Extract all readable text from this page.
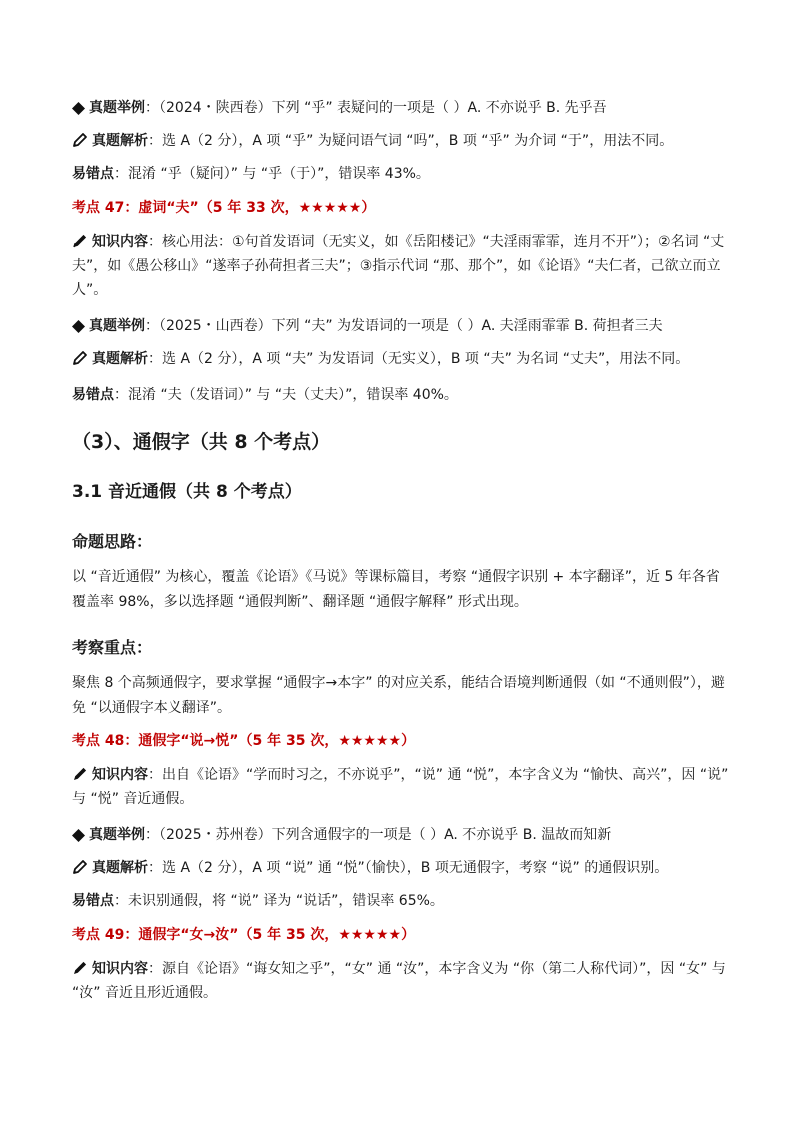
真题举例：（2024・陕西卷）下列 “乎” 表疑问的一项是（ ）A. 不亦说乎 B. 先乎吾

真题解析：选 A（2 分），A 项 “乎” 为疑问语气词 “吗”，B 项 “乎” 为介词 “于”，用法不同。

易错点：混淆 “乎（疑问）” 与 “乎（于）”，错误率 43%。

考点 47：虚词“夫”（5 年 33 次，★★★★★）

知识内容：核心用法：①句首发语词（无实义，如《岳阳楼记》“夫淫雨霏霏，连月不开”）；②名词 “丈夫”，如《愚公移山》“遂率子孙荷担者三夫”；③指示代词 “那、那个”，如《论语》“夫仁者，己欲立而立人”。

真题举例：（2025・山西卷）下列 “夫” 为发语词的一项是（ ）A. 夫淫雨霏霏 B. 荷担者三夫

真题解析：选 A（2 分），A 项 “夫” 为发语词（无实义），B 项 “夫” 为名词 “丈夫”，用法不同。

易错点：混淆 “夫（发语词）” 与 “夫（丈夫）”，错误率 40%。

（3）、通假字（共 8 个考点）
3.1 音近通假（共 8 个考点）
命题思路：

以 “音近通假” 为核心，覆盖《论语》《马说》等课标篇目，考察 “通假字识别 + 本字翻译”，近 5 年各省覆盖率 98%，多以选择题 “通假判断”、翻译题 “通假字解释” 形式出现。

考察重点：

聚焦 8 个高频通假字，要求掌握 “通假字→本字” 的对应关系，能结合语境判断通假（如 “不通则假”），避免 “以通假字本义翻译”。

考点 48：通假字“说→悦”（5 年 35 次，★★★★★）

知识内容：出自《论语》“学而时习之，不亦说乎”，“说” 通 “悦”，本字含义为 “愉快、高兴”，因 “说” 与 “悦” 音近通假。

真题举例：（2025・苏州卷）下列含通假字的一项是（ ）A. 不亦说乎 B. 温故而知新

真题解析：选 A（2 分），A 项 “说” 通 “悦”（愉快），B 项无通假字，考察 “说” 的通假识别。

易错点：未识别通假，将 “说” 译为 “说话”，错误率 65%。

考点 49：通假字“女→汝”（5 年 35 次，★★★★★）

知识内容：源自《论语》“诲女知之乎”，“女” 通 “汝”，本字含义为 “你（第二人称代词）”，因 “女” 与 “汝” 音近且形近通假。
